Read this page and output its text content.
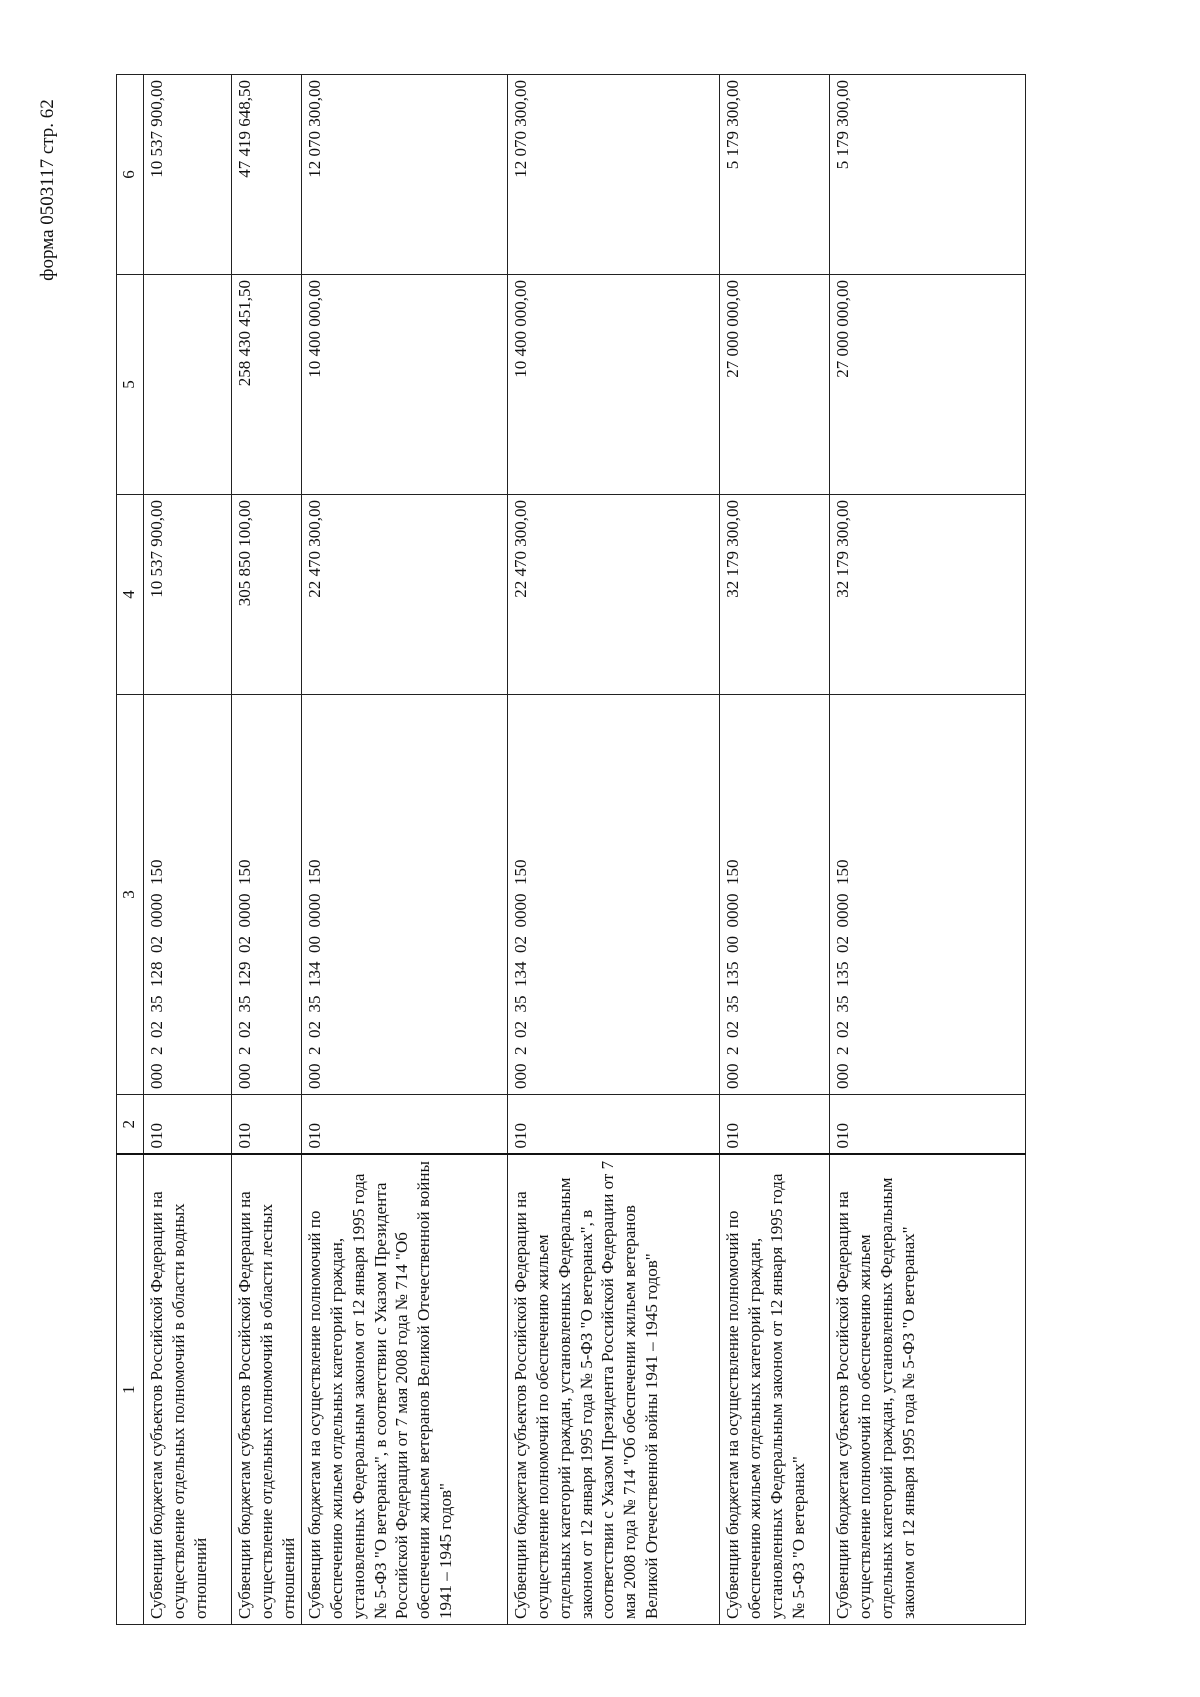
форма 0503117 стр. 62
1	2	3	4	5	6
Субвенции бюджетам субъектов Российской Федерации на осуществление отдельных полномочий в области водных отношений	010	000  2  02  35  128  02  0000  150	10 537 900,00		10 537 900,00
Субвенции бюджетам субъектов Российской Федерации на осуществление отдельных полномочий в области лесных отношений	010	000  2  02  35  129  02  0000  150	305 850 100,00	258 430 451,50	47 419 648,50
Субвенции бюджетам на осуществление полномочий по обеспечению жильем отдельных категорий граждан, установленных Федеральным законом от 12 января 1995 года № 5-ФЗ "О ветеранах", в соответствии с Указом Президента Российской Федерации от 7 мая 2008 года № 714 "Об обеспечении жильем ветеранов Великой Отечественной войны 1941 – 1945 годов"	010	000  2  02  35  134  00  0000  150	22 470 300,00	10 400 000,00	12 070 300,00
Субвенции бюджетам субъектов Российской Федерации на осуществление полномочий по обеспечению жильем отдельных категорий граждан, установленных Федеральным законом от 12 января 1995 года № 5-ФЗ "О ветеранах", в соответствии с Указом Президента Российской Федерации от 7 мая 2008 года № 714 "Об обеспечении жильем ветеранов Великой Отечественной войны 1941 – 1945 годов"	010	000  2  02  35  134  02  0000  150	22 470 300,00	10 400 000,00	12 070 300,00
Субвенции бюджетам на осуществление полномочий по обеспечению жильем отдельных категорий граждан, установленных Федеральным законом от 12 января 1995 года № 5-ФЗ "О ветеранах"	010	000  2  02  35  135  00  0000  150	32 179 300,00	27 000 000,00	5 179 300,00
Субвенции бюджетам субъектов Российской Федерации на осуществление полномочий по обеспечению жильем отдельных категорий граждан, установленных Федеральным законом от 12 января 1995 года № 5-ФЗ "О ветеранах"	010	000  2  02  35  135  02  0000  150	32 179 300,00	27 000 000,00	5 179 300,00
